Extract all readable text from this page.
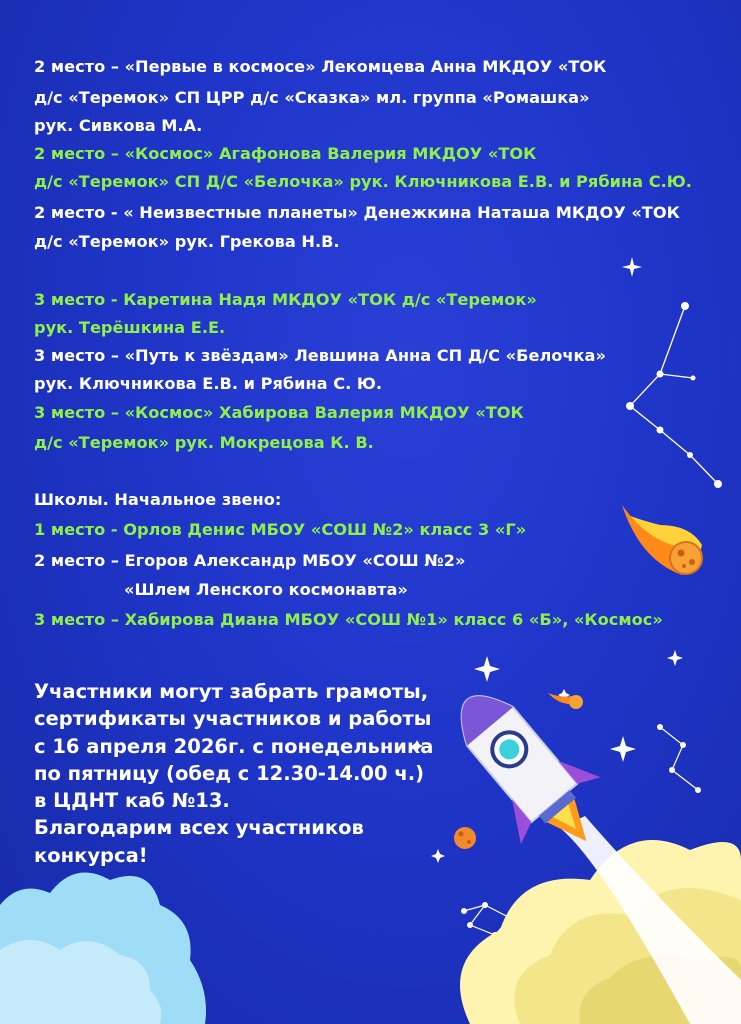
2 место – «Первые в космосе» Лекомцева Анна МКДОУ «ТОК
д/с «Теремок» СП ЦРР д/с «Сказка» мл. группа «Ромашка»
рук. Сивкова М.А.
2 место – «Космос» Агафонова Валерия МКДОУ «ТОК
д/с «Теремок» СП Д/С «Белочка» рук. Ключникова Е.В. и Рябина С.Ю.
2 место - « Неизвестные планеты» Денежкина Наташа МКДОУ «ТОК
д/с «Теремок» рук. Грекова Н.В.
3 место - Каретина Надя МКДОУ «ТОК д/с «Теремок»
рук. Терёшкина Е.Е.
3 место – «Путь к звёздам» Левшина Анна СП Д/С «Белочка»
рук. Ключникова Е.В. и Рябина С. Ю.
3 место – «Космос» Хабирова Валерия МКДОУ «ТОК
д/с «Теремок» рук. Мокрецова К. В.
Школы. Начальное звено:
1 место - Орлов Денис МБОУ «СОШ №2» класс 3 «Г»
2 место – Егоров Александр МБОУ «СОШ №2»
«Шлем Ленского космонавта»
3 место – Хабирова Диана МБОУ «СОШ №1» класс 6 «Б», «Космос»
Участники могут забрать грамоты,
сертификаты участников и работы
с 16 апреля 2026г. с понедельника
по пятницу (обед с 12.30-14.00 ч.)
в ЦДНТ каб №13.
Благодарим всех участников
конкурса!
